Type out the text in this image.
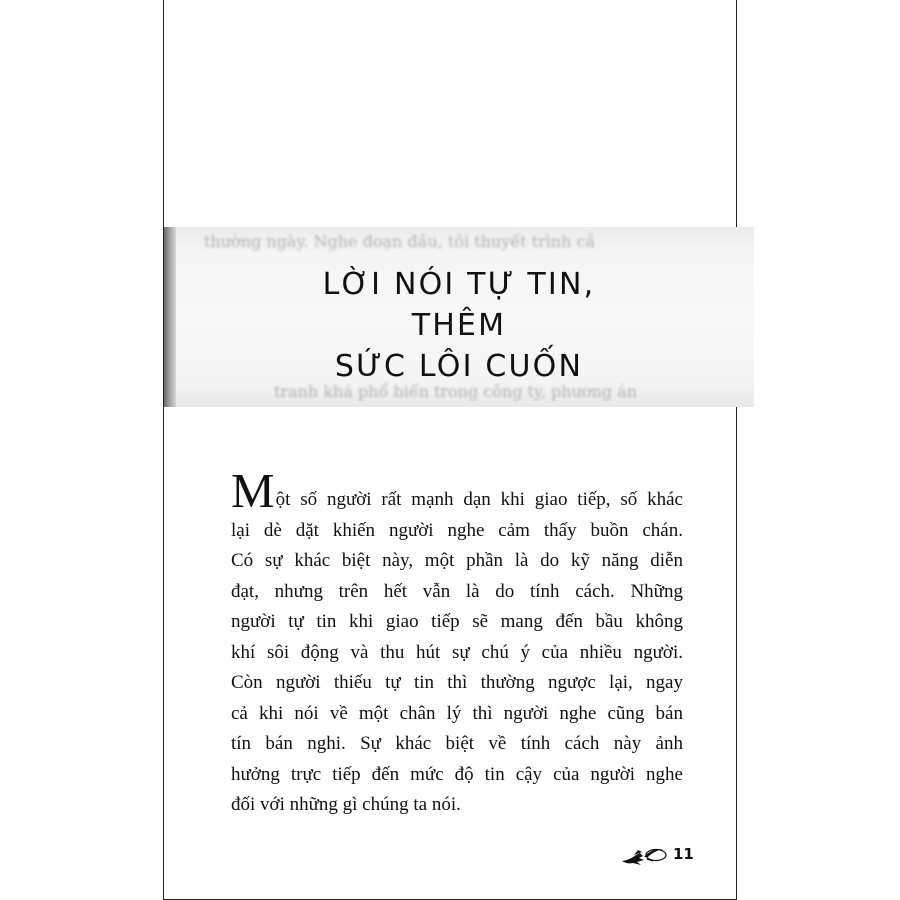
thường ngày. Nghe đoạn đầu, tôi thuyết trình cả
LỜI NÓI TỰ TIN,
THÊM
SỨC LÔI CUỐN
tranh khá phổ biến trong công ty, phương án
Một số người rất mạnh dạn khi giao tiếp, số khác
lại dè dặt khiến người nghe cảm thấy buồn chán.
Có sự khác biệt này, một phần là do kỹ năng diễn
đạt, nhưng trên hết vẫn là do tính cách. Những
người tự tin khi giao tiếp sẽ mang đến bầu không
khí sôi động và thu hút sự chú ý của nhiều người.
Còn người thiếu tự tin thì thường ngược lại, ngay
cả khi nói về một chân lý thì người nghe cũng bán
tín bán nghi. Sự khác biệt về tính cách này ảnh
hưởng trực tiếp đến mức độ tin cậy của người nghe
đối với những gì chúng ta nói.
11
